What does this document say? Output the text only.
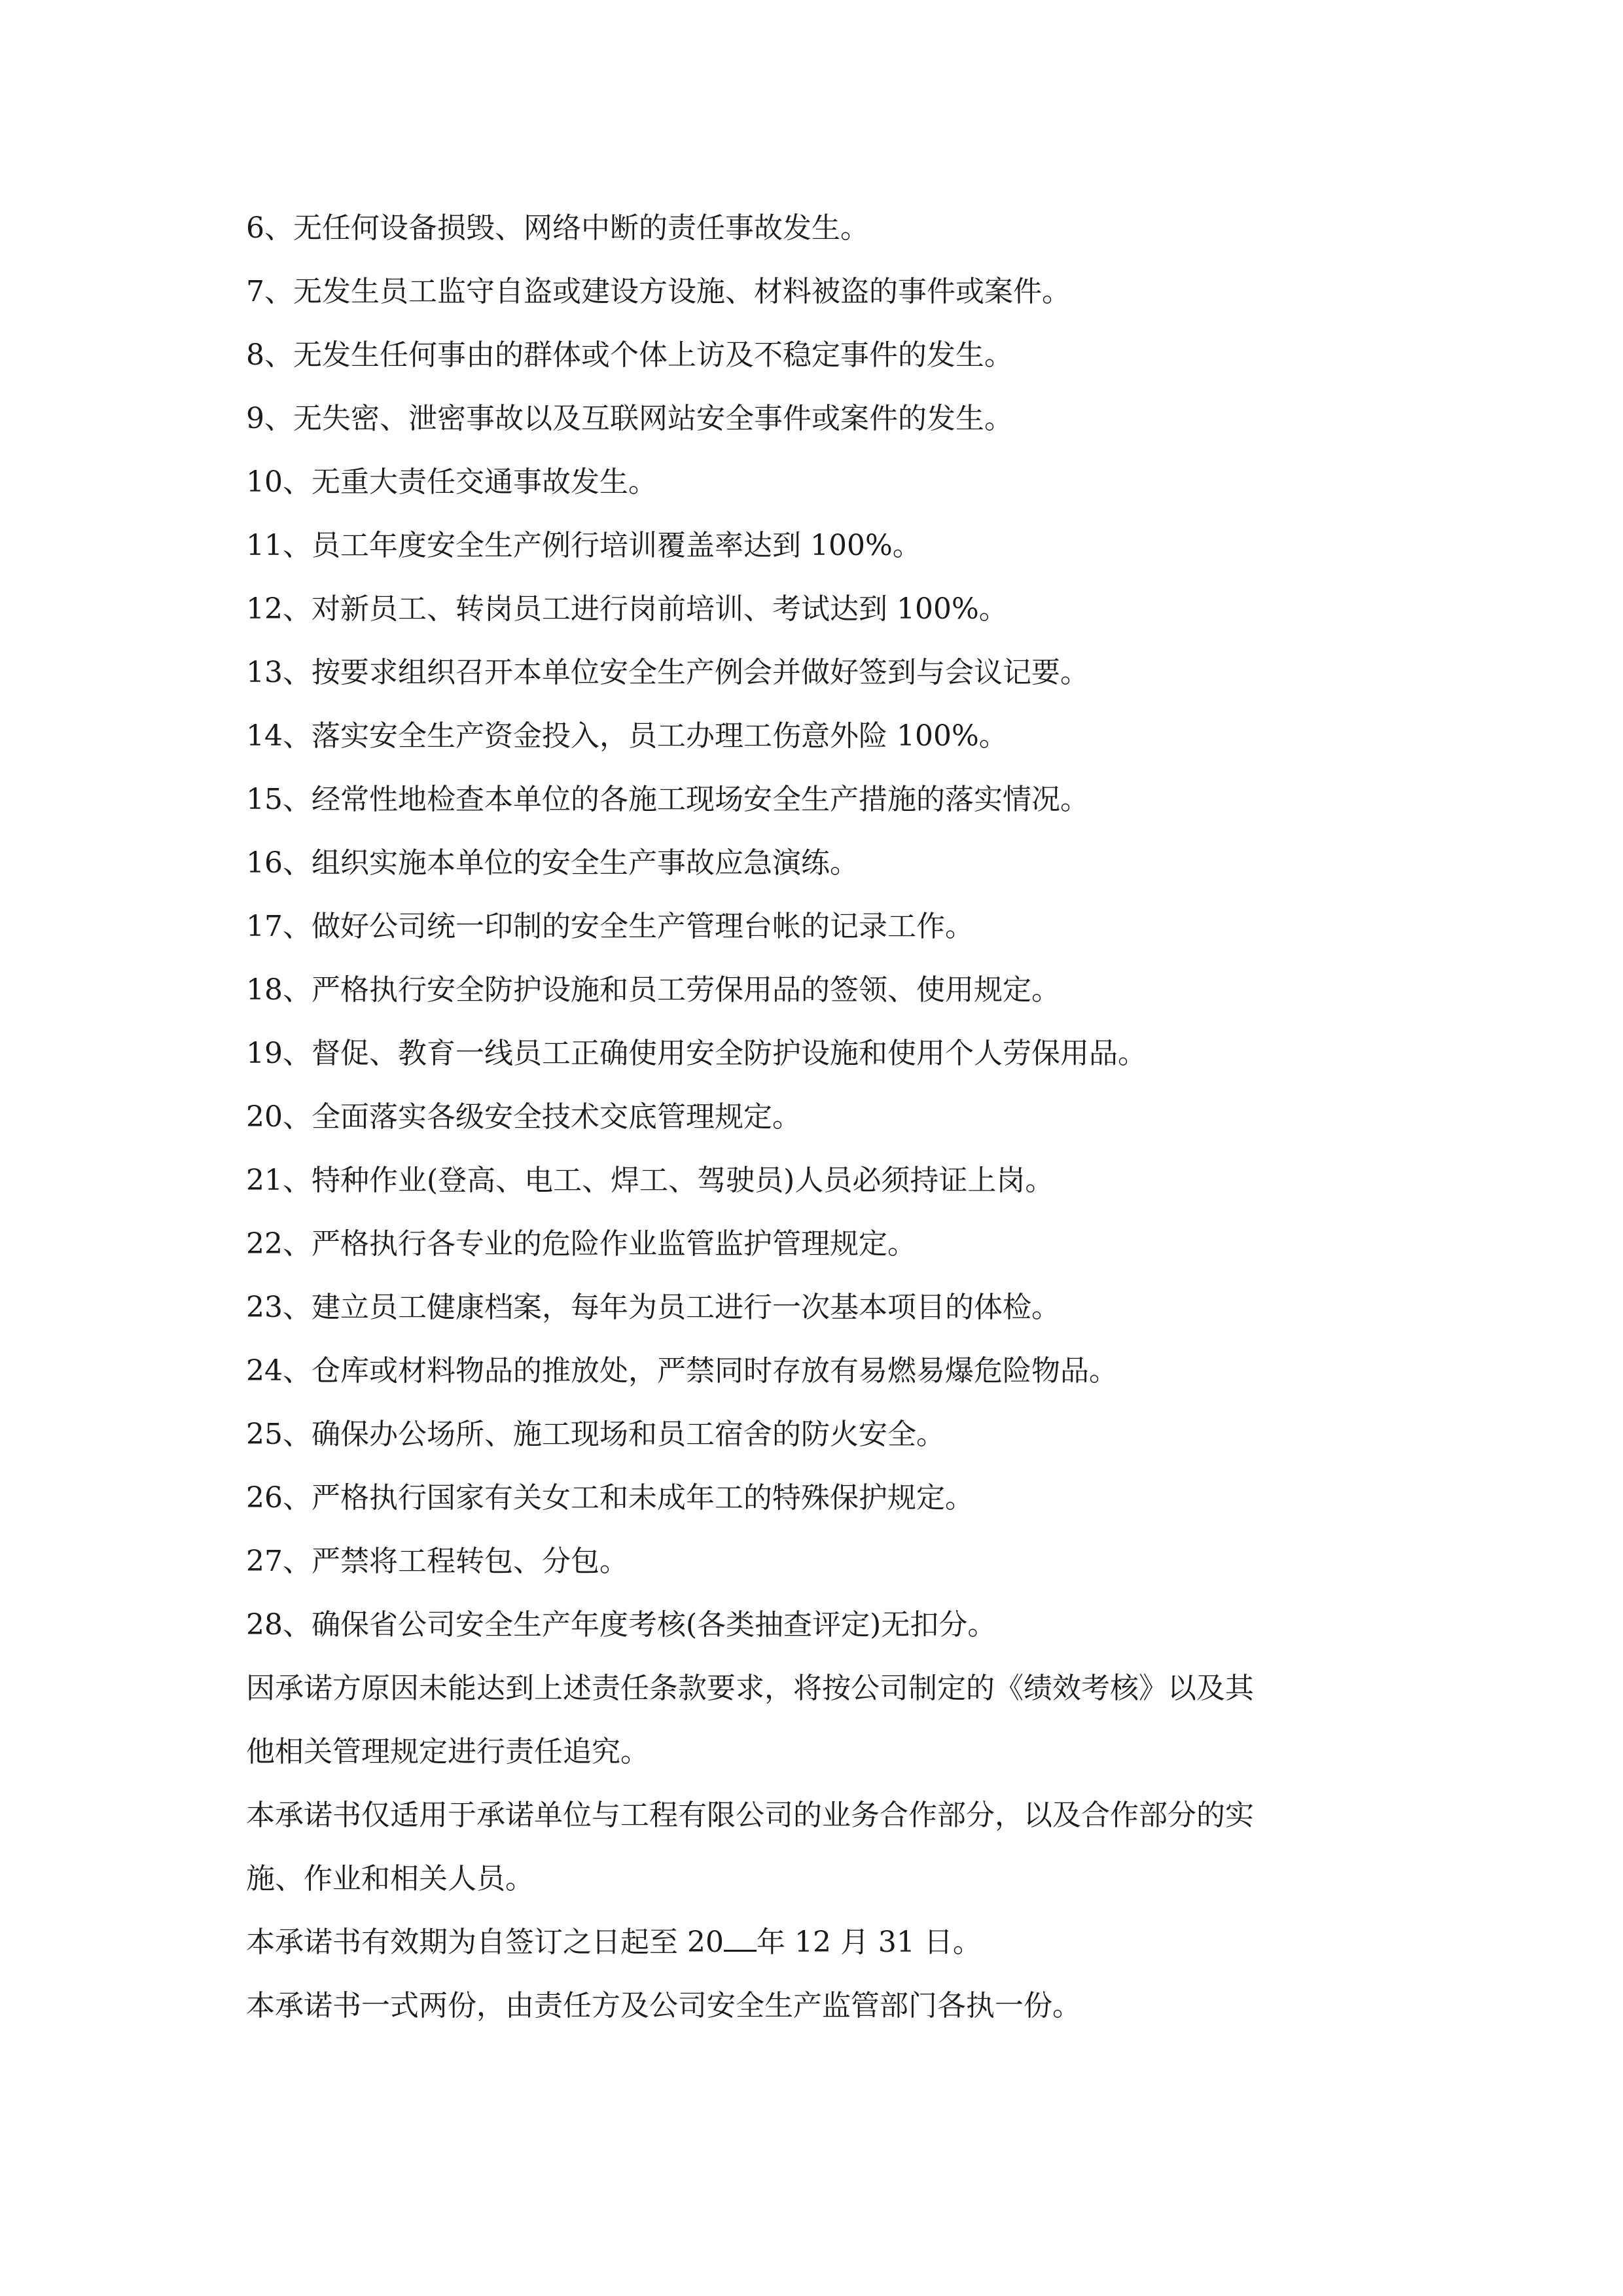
6、无任何设备损毁、网络中断的责任事故发生。
7、无发生员工监守自盗或建设方设施、材料被盗的事件或案件。
8、无发生任何事由的群体或个体上访及不稳定事件的发生。
9、无失密、泄密事故以及互联网站安全事件或案件的发生。
10、无重大责任交通事故发生。
11、员工年度安全生产例行培训覆盖率达到 100%。
12、对新员工、转岗员工进行岗前培训、考试达到 100%。
13、按要求组织召开本单位安全生产例会并做好签到与会议记要。
14、落实安全生产资金投入，员工办理工伤意外险 100%。
15、经常性地检查本单位的各施工现场安全生产措施的落实情况。
16、组织实施本单位的安全生产事故应急演练。
17、做好公司统一印制的安全生产管理台帐的记录工作。
18、严格执行安全防护设施和员工劳保用品的签领、使用规定。
19、督促、教育一线员工正确使用安全防护设施和使用个人劳保用品。
20、全面落实各级安全技术交底管理规定。
21、特种作业(登高、电工、焊工、驾驶员)人员必须持证上岗。
22、严格执行各专业的危险作业监管监护管理规定。
23、建立员工健康档案，每年为员工进行一次基本项目的体检。
24、仓库或材料物品的推放处，严禁同时存放有易燃易爆危险物品。
25、确保办公场所、施工现场和员工宿舍的防火安全。
26、严格执行国家有关女工和未成年工的特殊保护规定。
27、严禁将工程转包、分包。
28、确保省公司安全生产年度考核(各类抽查评定)无扣分。
因承诺方原因未能达到上述责任条款要求，将按公司制定的《绩效考核》以及其
他相关管理规定进行责任追究。
本承诺书仅适用于承诺单位与工程有限公司的业务合作部分，以及合作部分的实
施、作业和相关人员。
本承诺书有效期为自签订之日起至 20 年 12 月 31 日。
本承诺书一式两份，由责任方及公司安全生产监管部门各执一份。
